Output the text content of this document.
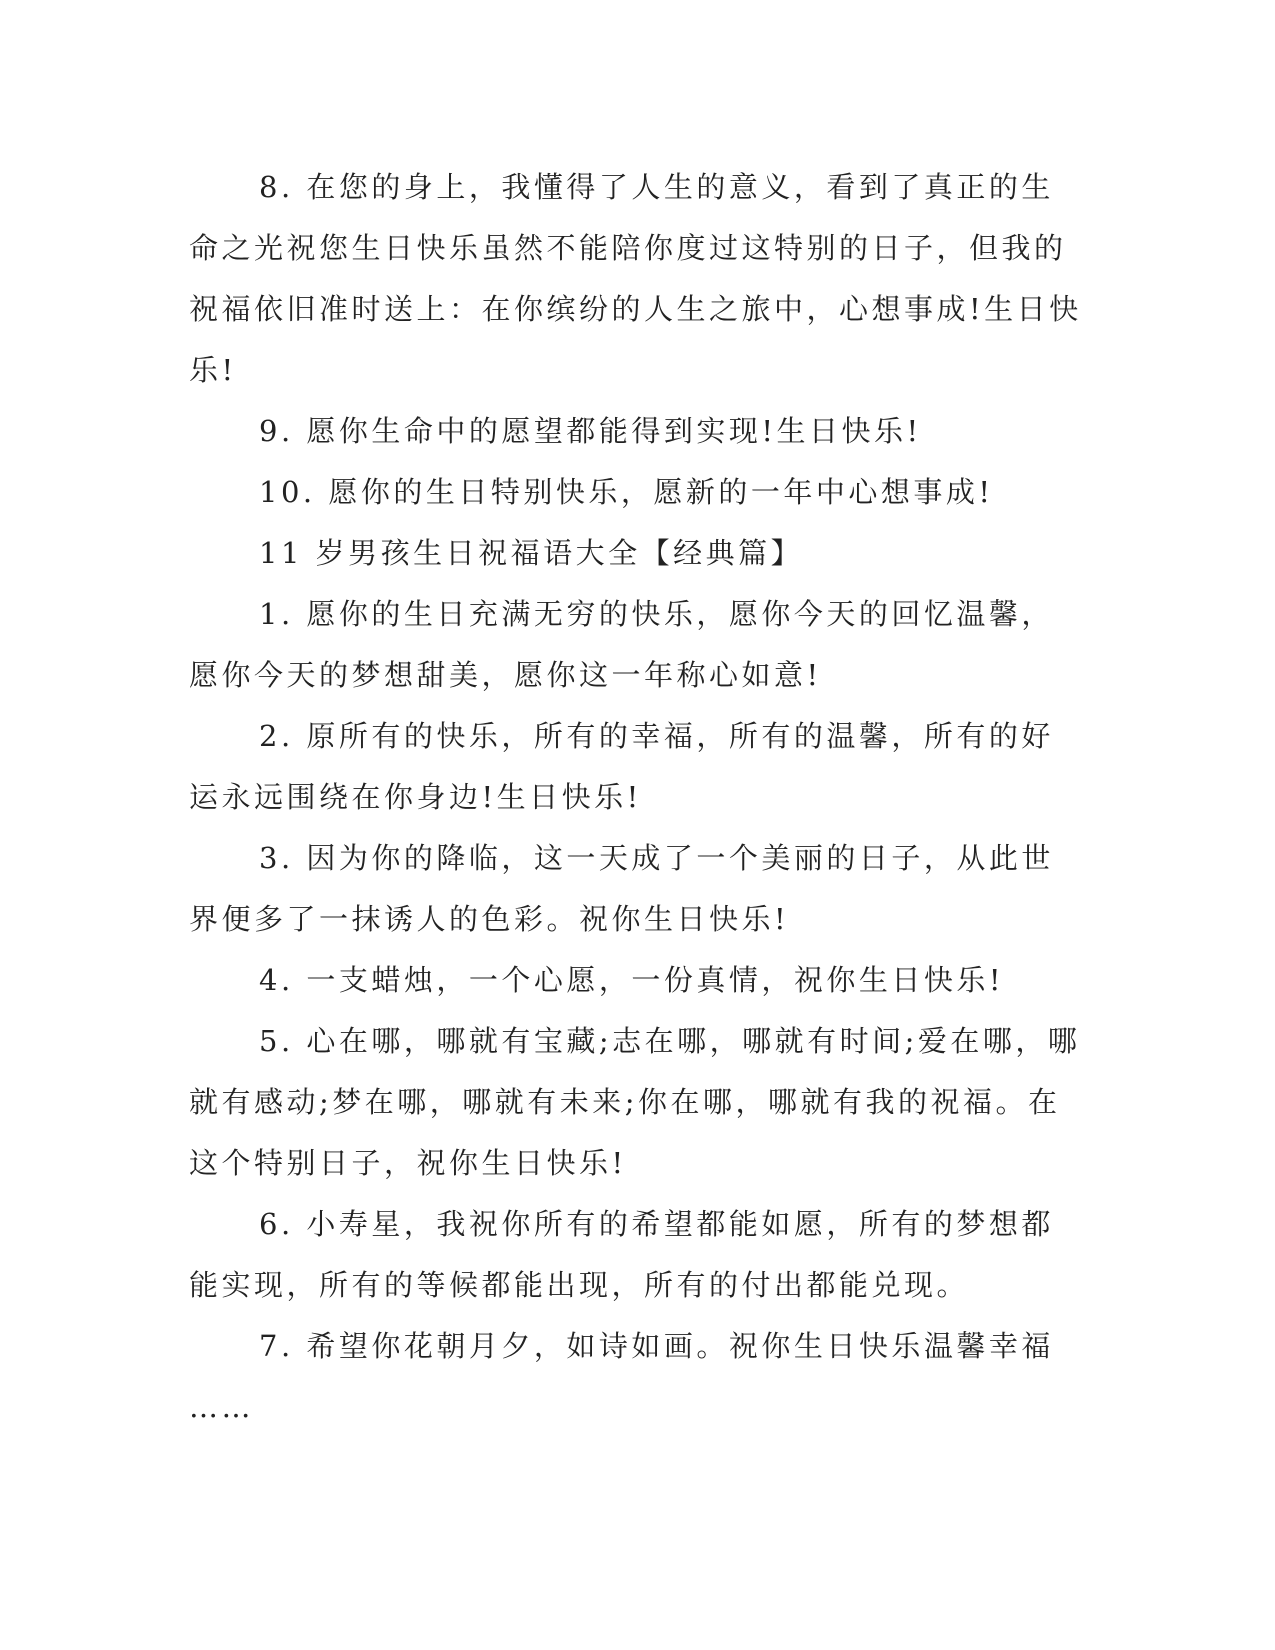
8. 在您的身上，我懂得了人生的意义，看到了真正的生命之光祝您生日快乐虽然不能陪你度过这特别的日子，但我的祝福依旧准时送上：在你缤纷的人生之旅中，心想事成!生日快乐!

9. 愿你生命中的愿望都能得到实现!生日快乐!

10. 愿你的生日特别快乐，愿新的一年中心想事成!

11 岁男孩生日祝福语大全【经典篇】

1. 愿你的生日充满无穷的快乐，愿你今天的回忆温馨，愿你今天的梦想甜美，愿你这一年称心如意!

2. 原所有的快乐，所有的幸福，所有的温馨，所有的好运永远围绕在你身边!生日快乐!

3. 因为你的降临，这一天成了一个美丽的日子，从此世界便多了一抹诱人的色彩。祝你生日快乐!

4. 一支蜡烛，一个心愿，一份真情，祝你生日快乐!

5. 心在哪，哪就有宝藏;志在哪，哪就有时间;爱在哪，哪就有感动;梦在哪，哪就有未来;你在哪，哪就有我的祝福。在这个特别日子，祝你生日快乐!

6. 小寿星，我祝你所有的希望都能如愿，所有的梦想都能实现，所有的等候都能出现，所有的付出都能兑现。

7. 希望你花朝月夕，如诗如画。祝你生日快乐温馨幸福

……
